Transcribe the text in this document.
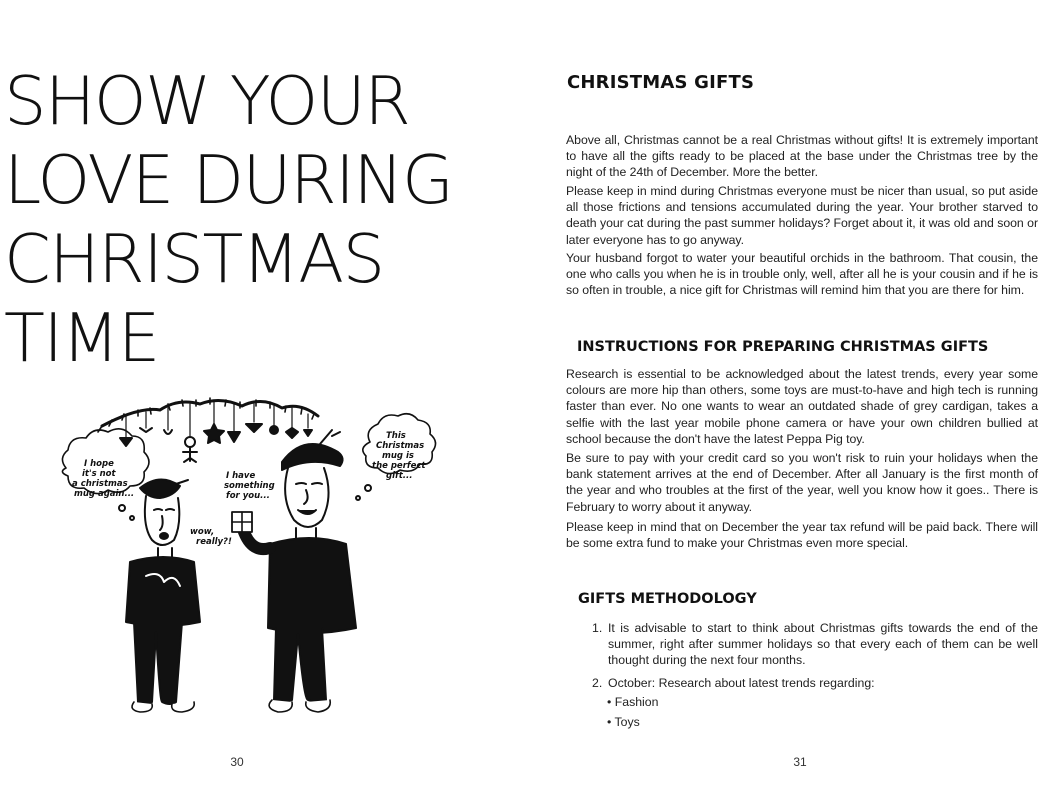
SHOW YOUR
LOVE DURING
CHRISTMAS
TIME
I hope
it's not
a christmas
mug again...
I have
something
for you...
This
Christmas
mug is
the perfect
gift...
wow,
really?!
30
CHRISTMAS GIFTS

Above all, Christmas cannot be a real Christmas without gifts! It is extremely important to have all the gifts ready to be placed at the base under the Christmas tree by the night of the 24th of December. More the better.

Please keep in mind during Christmas everyone must be nicer than usual, so put aside all those frictions and tensions accumulated during the year. Your brother starved to death your cat during the past summer holidays? Forget about it, it was old and soon or later everyone has to go anyway.

Your husband forgot to water your beautiful orchids in the bathroom. That cousin, the one who calls you when he is in trouble only, well, after all he is your cousin and if he is so often in trouble, a nice gift for Christmas will remind him that you are there for him.

INSTRUCTIONS FOR PREPARING CHRISTMAS GIFTS

Research is essential to be acknowledged about the latest trends, every year some colours are more hip than others, some toys are must-to-have and high tech is running faster than ever. No one wants to wear an outdated shade of grey cardigan, takes a selfie with the last year mobile phone camera or have your own children bullied at school because the don't have the latest Peppa Pig toy.

Be sure to pay with your credit card so you won't risk to ruin your holidays when the bank statement arrives at the end of December. After all January is the first month of the year and who troubles at the first of the year, well you know how it goes.. There is February to worry about it anyway.

Please keep in mind that on December the year tax refund will be paid back. There will be some extra fund to make your Christmas even more special.

GIFTS METHODOLOGY
1. It is advisable to start to think about Christmas gifts towards the end of the summer, right after summer holidays so that every each of them can be well thought during the next four months.

2. October: Research about latest trends regarding:

• Fashion
• Toys
31
